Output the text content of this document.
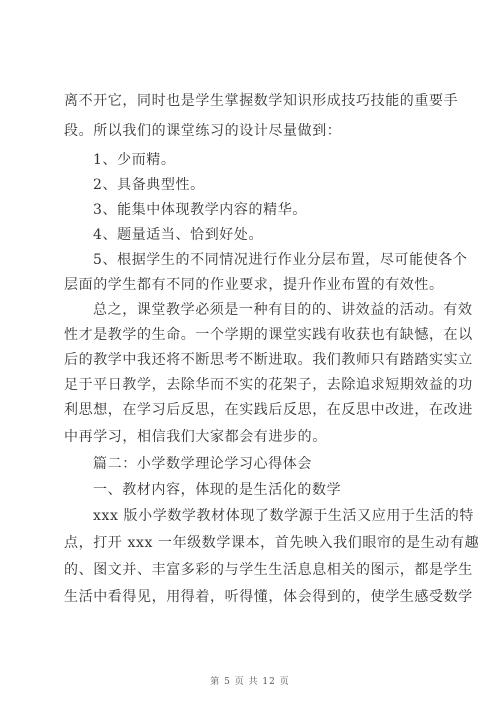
离不开它，同时也是学生掌握数学知识形成技巧技能的重要手
段。所以我们的课堂练习的设计尽量做到：
1、少而精。
2、具备典型性。
3、能集中体现教学内容的精华。
4、题量适当、恰到好处。
5、根据学生的不同情况进行作业分层布置，尽可能使各个
层面的学生都有不同的作业要求，提升作业布置的有效性。
总之，课堂教学必须是一种有目的的、讲效益的活动。有效
性才是教学的生命。一个学期的课堂实践有收获也有缺憾，在以
后的教学中我还将不断思考不断进取。我们教师只有踏踏实实立
足于平日教学，去除华而不实的花架子，去除追求短期效益的功
利思想，在学习后反思，在实践后反思，在反思中改进，在改进
中再学习，相信我们大家都会有进步的。
篇二：小学数学理论学习心得体会
一、教材内容，体现的是生活化的数学
xxx 版小学数学教材体现了数学源于生活又应用于生活的特
点，打开 xxx 一年级数学课本，首先映入我们眼帘的是生动有趣
的、图文并、丰富多彩的与学生生活息息相关的图示，都是学生
生活中看得见，用得着，听得懂，体会得到的，使学生感受数学
第 5 页 共 12 页
